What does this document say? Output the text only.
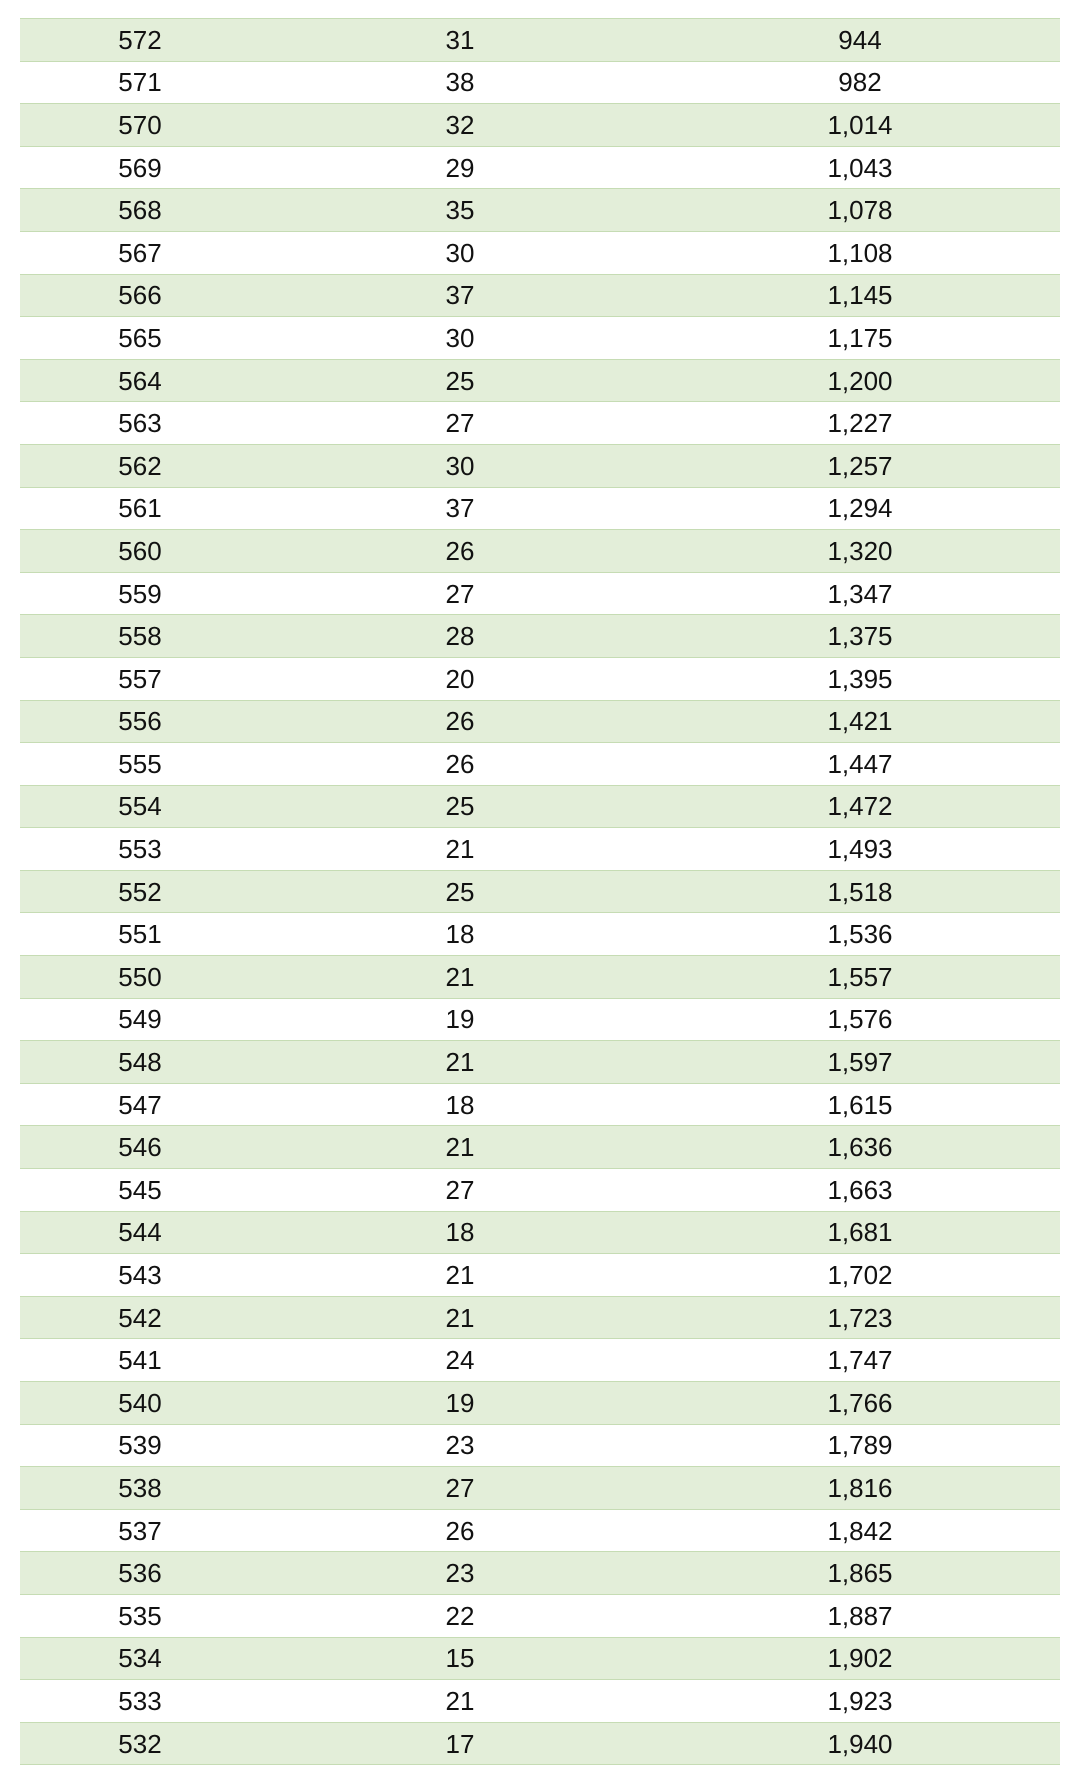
572	31	944
571	38	982
570	32	1,014
569	29	1,043
568	35	1,078
567	30	1,108
566	37	1,145
565	30	1,175
564	25	1,200
563	27	1,227
562	30	1,257
561	37	1,294
560	26	1,320
559	27	1,347
558	28	1,375
557	20	1,395
556	26	1,421
555	26	1,447
554	25	1,472
553	21	1,493
552	25	1,518
551	18	1,536
550	21	1,557
549	19	1,576
548	21	1,597
547	18	1,615
546	21	1,636
545	27	1,663
544	18	1,681
543	21	1,702
542	21	1,723
541	24	1,747
540	19	1,766
539	23	1,789
538	27	1,816
537	26	1,842
536	23	1,865
535	22	1,887
534	15	1,902
533	21	1,923
532	17	1,940
